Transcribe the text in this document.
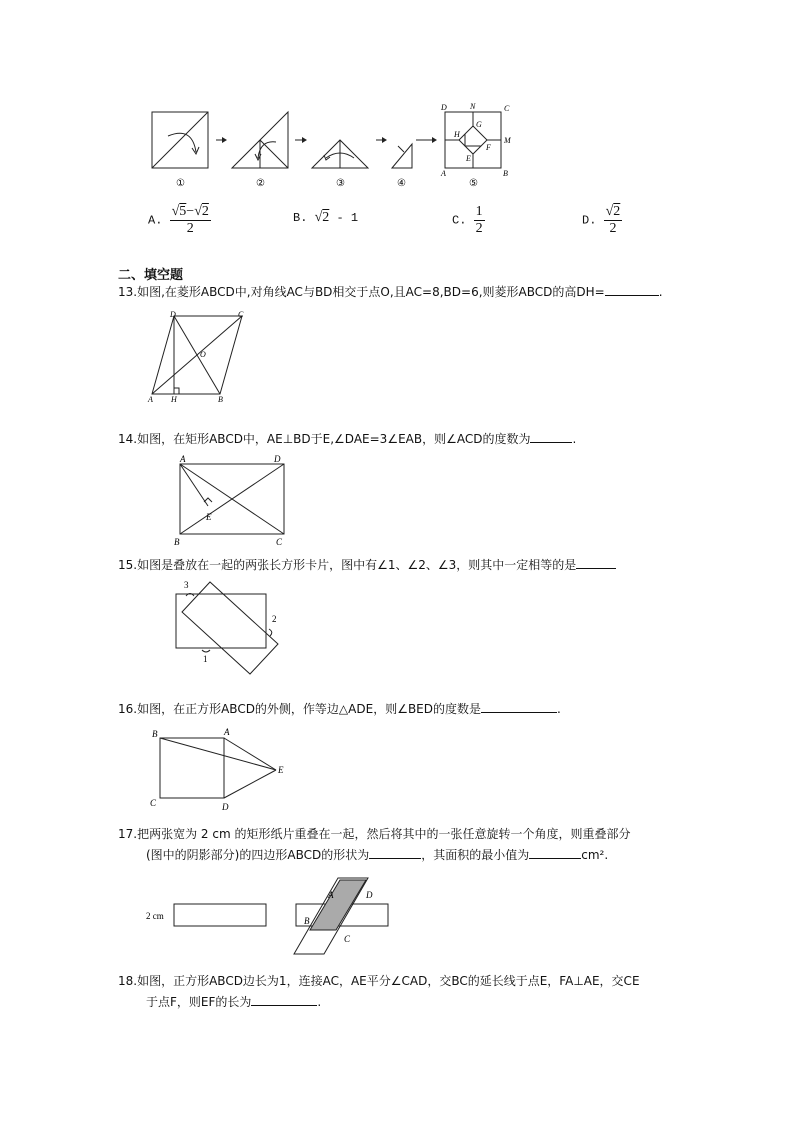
D	N	C
H
G
M
E
F
A	B
①	②	③	④	⑤
A. $\frac{√5-√2}{2}$	B. √2 - 1	C. $\frac{1}{2}$	D. $\frac{√2}{2}$
二、填空题
13.如图,在菱形ABCD中,对角线AC与BD相交于点O,且AC=8,BD=6,则菱形ABCD的高DH=	.
D	C
O
A H	B
14.如图，在矩形ABCD中，AE⊥BD于E,∠DAE=3∠EAB，则∠ACD的度数为	.
A	D
E
B	C
15.如图是叠放在一起的两张长方形卡片，图中有∠1、∠2、∠3，则其中一定相等的是
3
2
1
16.如图，在正方形ABCD的外侧，作等边△ADE，则∠BED的度数是	.
B	A
E
C	D
17.把两张宽为 2 cm 的矩形纸片重叠在一起，然后将其中的一张任意旋转一个角度，则重叠部分
(图中的阴影部分)的四边形ABCD的形状为	，其面积的最小值为	cm².
2 cm
A	D
B
C
18.如图，正方形ABCD边长为1，连接AC，AE平分∠CAD，交BC的延长线于点E，FA⊥AE，交CE
于点F，则EF的长为	.
